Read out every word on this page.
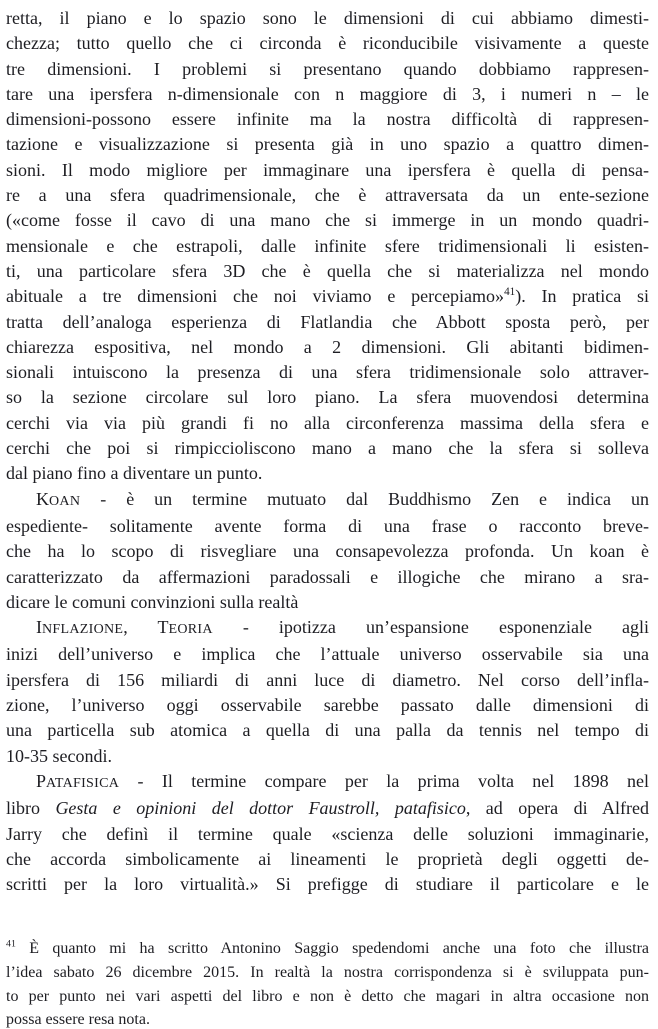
retta, il piano e lo spazio sono le dimensioni di cui abbiamo dimesti-
chezza; tutto quello che ci circonda è riconducibile visivamente a queste
tre dimensioni. I problemi si presentano quando dobbiamo rappresen-
tare una ipersfera n-dimensionale con n maggiore di 3, i numeri n – le
dimensioni-possono essere infinite ma la nostra difficoltà di rappresen-
tazione e visualizzazione si presenta già in uno spazio a quattro dimen-
sioni. Il modo migliore per immaginare una ipersfera è quella di pensa-
re a una sfera quadrimensionale, che è attraversata da un ente-sezione
(«come fosse il cavo di una mano che si immerge in un mondo quadri-
mensionale e che estrapoli, dalle infinite sfere tridimensionali li esisten-
ti, una particolare sfera 3D che è quella che si materializza nel mondo
abituale a tre dimensioni che noi viviamo e percepiamo»$^{41}$). In pratica si
tratta dell’analoga esperienza di Flatlandia che Abbott sposta però, per
chiarezza espositiva, nel mondo a 2 dimensioni. Gli abitanti bidimen-
sionali intuiscono la presenza di una sfera tridimensionale solo attraver-
so la sezione circolare sul loro piano. La sfera muovendosi determina
cerchi via via più grandi fi no alla circonferenza massima della sfera e
cerchi che poi si rimpiccioliscono mano a mano che la sfera si solleva
dal piano fino a diventare un punto.
KOAN - è un termine mutuato dal Buddhismo Zen e indica un
espediente- solitamente avente forma di una frase o racconto breve-
che ha lo scopo di risvegliare una consapevolezza profonda. Un koan è
caratterizzato da affermazioni paradossali e illogiche che mirano a sra-
dicare le comuni convinzioni sulla realtà
INFLAZIONE, TEORIA - ipotizza un’espansione esponenziale agli
inizi dell’universo e implica che l’attuale universo osservabile sia una
ipersfera di 156 miliardi di anni luce di diametro. Nel corso dell’infla-
zione, l’universo oggi osservabile sarebbe passato dalle dimensioni di
una particella sub atomica a quella di una palla da tennis nel tempo di
10-35 secondi.
PATAFISICA - Il termine compare per la prima volta nel 1898 nel
libro Gesta e opinioni del dottor Faustroll, patafisico, ad opera di Alfred
Jarry che definì il termine quale «scienza delle soluzioni immaginarie,
che accorda simbolicamente ai lineamenti le proprietà degli oggetti de-
scritti per la loro virtualità.» Si prefigge di studiare il particolare e le
$^{41}$ È quanto mi ha scritto Antonino Saggio spedendomi anche una foto che illustra
l’idea sabato 26 dicembre 2015. In realtà la nostra corrispondenza si è sviluppata pun-
to per punto nei vari aspetti del libro e non è detto che magari in altra occasione non
possa essere resa nota.
